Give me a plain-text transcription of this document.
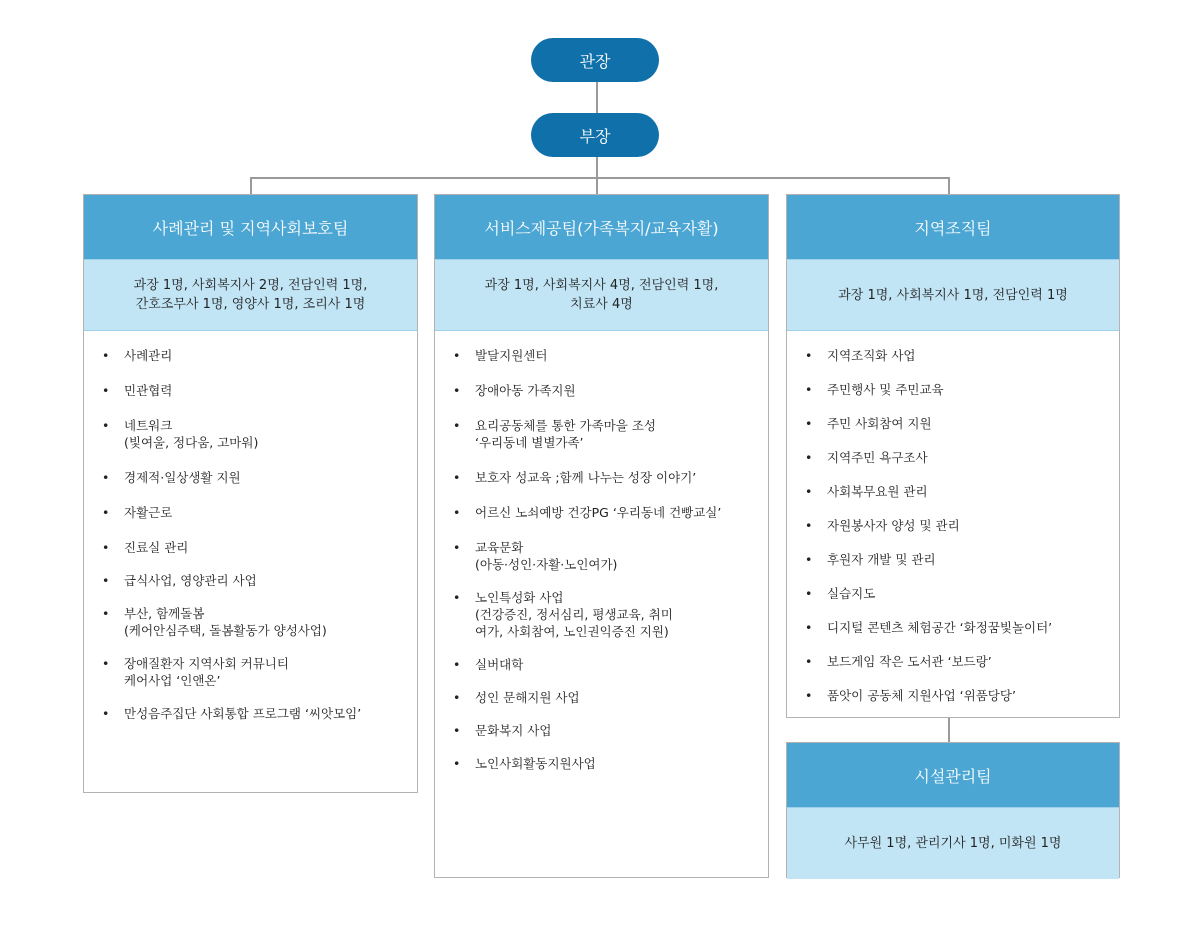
관장
부장
사례관리 및 지역사회보호팀
과장 1명, 사회복지사 2명, 전담인력 1명,
간호조무사 1명, 영양사 1명, 조리사 1명
• 사례관리
• 민관협력
• 네트워크
(빛여울, 정다움, 고마워)
• 경제적·일상생활 지원
• 자활근로
• 진료실 관리
• 급식사업, 영양관리 사업
• 부산, 함께돌봄
(케어안심주택, 돌봄활동가 양성사업)
• 장애질환자 지역사회 커뮤니티
케어사업 ‘인앤온’
• 만성음주집단 사회통합 프로그램 ‘씨앗모임’
서비스제공팀(가족복지/교육자활)
과장 1명, 사회복지사 4명, 전담인력 1명,
치료사 4명
• 발달지원센터
• 장애아동 가족지원
• 요리공동체를 통한 가족마을 조성
‘우리동네 별별가족’
• 보호자 성교육 ;함께 나누는 성장 이야기’
• 어르신 노쇠예방 건강PG ‘우리동네 건빵교실’
• 교육문화
(아동·성인·자활·노인여가)
• 노인특성화 사업
(건강증진, 정서심리, 평생교육, 취미
여가, 사회참여, 노인권익증진 지원)
• 실버대학
• 성인 문해지원 사업
• 문화복지 사업
• 노인사회활동지원사업
지역조직팀
과장 1명, 사회복지사 1명, 전담인력 1명
• 지역조직화 사업
• 주민행사 및 주민교육
• 주민 사회참여 지원
• 지역주민 욕구조사
• 사회복무요원 관리
• 자원봉사자 양성 및 관리
• 후원자 개발 및 관리
• 실습지도
• 디지털 콘텐츠 체험공간 ‘화정꿈빛놀이터’
• 보드게임 작은 도서관 ‘보드랑’
• 품앗이 공동체 지원사업 ‘위품당당’
시설관리팀
사무원 1명, 관리기사 1명, 미화원 1명
